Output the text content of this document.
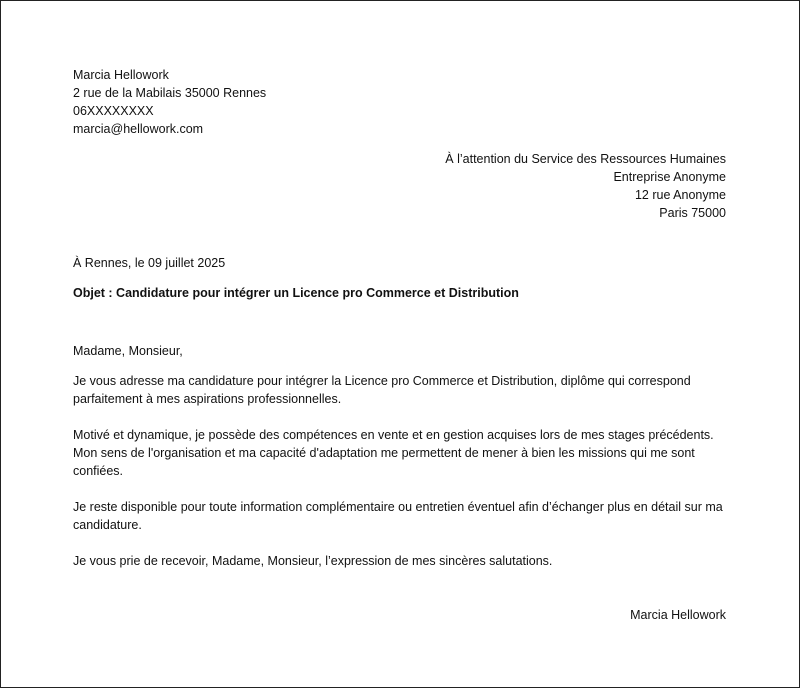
Marcia Hellowork
2 rue de la Mabilais 35000 Rennes
06XXXXXXXX
marcia@hellowork.com
À l’attention du Service des Ressources Humaines
Entreprise Anonyme
12 rue Anonyme
Paris 75000
À Rennes, le 09 juillet 2025
Objet : Candidature pour intégrer un Licence pro Commerce et Distribution
Madame, Monsieur,
Je vous adresse ma candidature pour intégrer la Licence pro Commerce et Distribution, diplôme qui correspond parfaitement à mes aspirations professionnelles.
Motivé et dynamique, je possède des compétences en vente et en gestion acquises lors de mes stages précédents. Mon sens de l'organisation et ma capacité d'adaptation me permettent de mener à bien les missions qui me sont confiées.
Je reste disponible pour toute information complémentaire ou entretien éventuel afin d’échanger plus en détail sur ma candidature.
Je vous prie de recevoir, Madame, Monsieur, l’expression de mes sincères salutations.
Marcia Hellowork
